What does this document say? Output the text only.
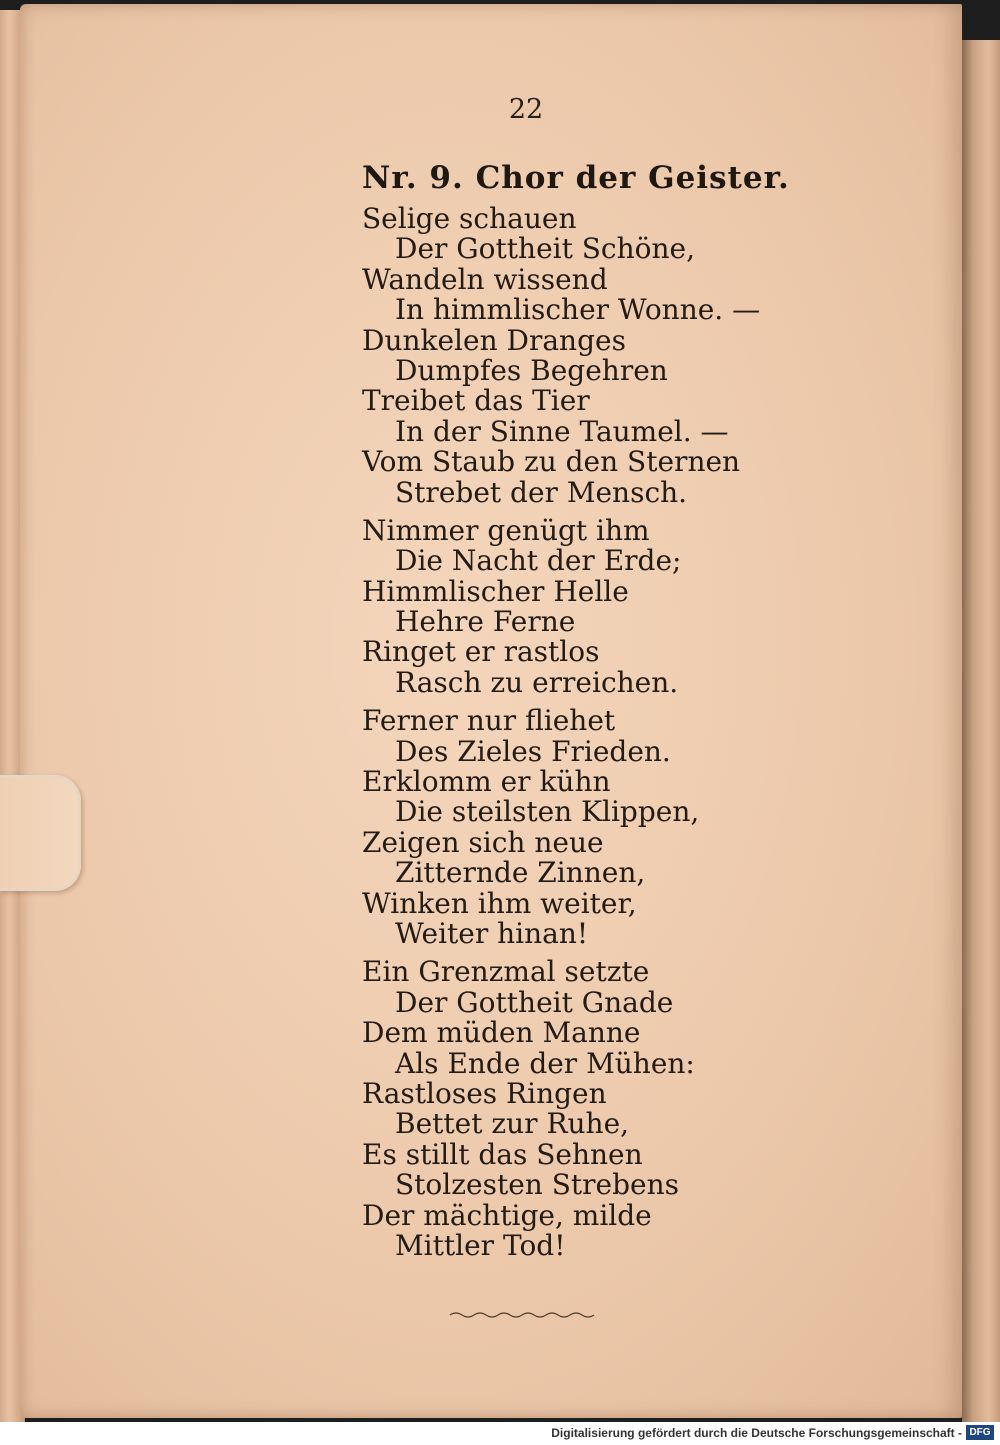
22
Nr. 9. Chor der Geister.
Selige schauen
Der Gottheit Schöne,
Wandeln wissend
In himmlischer Wonne. —
Dunkelen Dranges
Dumpfes Begehren
Treibet das Tier
In der Sinne Taumel. —
Vom Staub zu den Sternen
Strebet der Mensch.
Nimmer genügt ihm
Die Nacht der Erde;
Himmlischer Helle
Hehre Ferne
Ringet er rastlos
Rasch zu erreichen.
Ferner nur fliehet
Des Zieles Frieden.
Erklomm er kühn
Die steilsten Klippen,
Zeigen sich neue
Zitternde Zinnen,
Winken ihm weiter,
Weiter hinan!
Ein Grenzmal setzte
Der Gottheit Gnade
Dem müden Manne
Als Ende der Mühen:
Rastloses Ringen
Bettet zur Ruhe,
Es stillt das Sehnen
Stolzesten Strebens
Der mächtige, milde
Mittler Tod!
Digitalisierung gefördert durch die Deutsche Forschungsgemeinschaft - DFG
